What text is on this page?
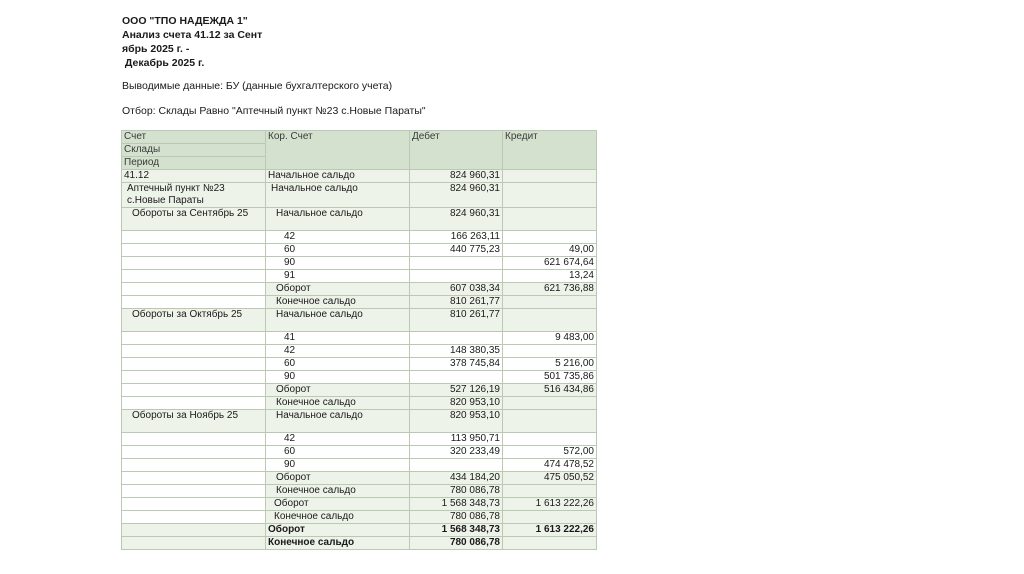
ООО "ТПО НАДЕЖДА 1"
Анализ счета 41.12 за Сент
ябрь 2025 г. -
Декабрь 2025 г.
Выводимые данные: БУ (данные бухгалтерского учета)
Отбор: Склады Равно "Аптечный пункт №23 с.Новые Параты"
Счет	Кор. Счет	Дебет	Кредит
Склады			
Период			
41.12	Начальное сальдо	824 960,31	

Аптечный пункт №23
с.Новые Параты	Начальное сальдо	824 960,31	
Обороты за Сентябрь 25	Начальное сальдо	824 960,31	
	42	166 263,11	
	60	440 775,23	49,00
	90		621 674,64
	91		13,24
	Оборот	607 038,34	621 736,88
	Конечное сальдо	810 261,77	
Обороты за Октябрь 25	Начальное сальдо	810 261,77	
	41		9 483,00
	42	148 380,35	
	60	378 745,84	5 216,00
	90		501 735,86
	Оборот	527 126,19	516 434,86
	Конечное сальдо	820 953,10	
Обороты за Ноябрь 25	Начальное сальдо	820 953,10	
	42	113 950,71	
	60	320 233,49	572,00
	90		474 478,52
	Оборот	434 184,20	475 050,52
	Конечное сальдо	780 086,78	
	Оборот	1 568 348,73	1 613 222,26
	Конечное сальдо	780 086,78	
	Оборот	1 568 348,73	1 613 222,26
	Конечное сальдо	780 086,78	
